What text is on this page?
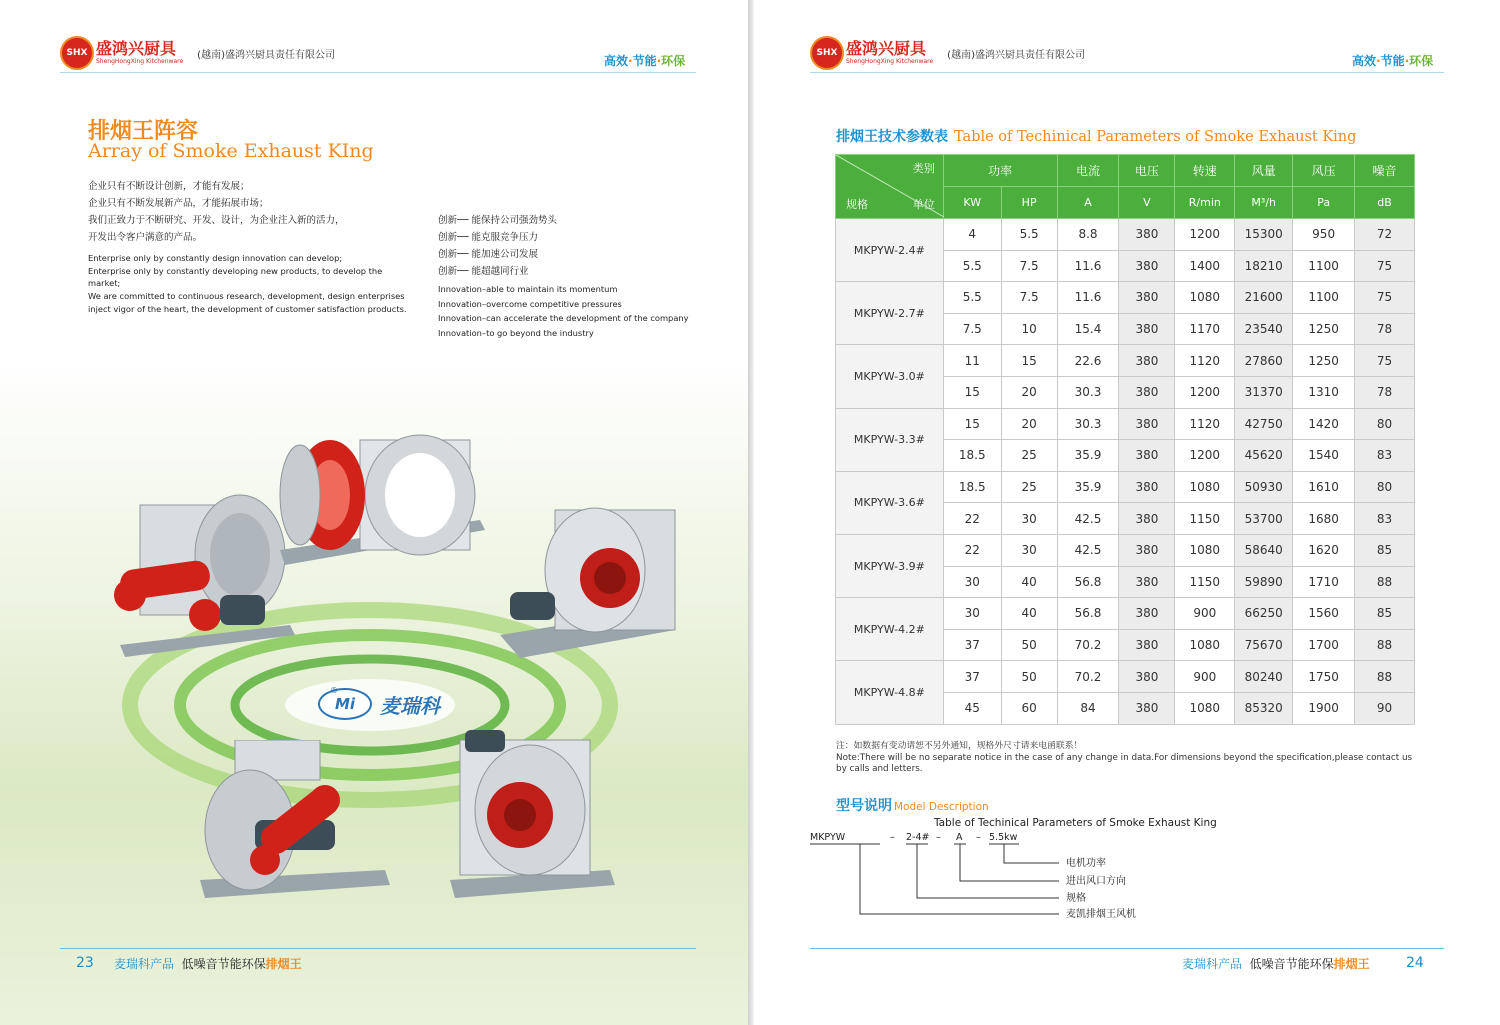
SHX 盛鸿兴厨具
ShengHongXing Kitchenware
(越南)盛鸿兴厨具责任有限公司	高效·节能·环保
排烟王阵容
Array of Smoke Exhaust KIng
企业只有不断设计创新，才能有发展；
企业只有不断发展新产品，才能拓展市场；
我们正致力于不断研究、开发、设计，为企业注入新的活力，
开发出令客户满意的产品。
Enterprise only by constantly design innovation can develop;
Enterprise only by constantly developing new products, to develop the market;
We are committed to continuous research, development, design enterprises inject vigor of the heart, the development of customer satisfaction products.
创新── 能保持公司强劲势头
创新── 能克服竞争压力
创新── 能加速公司发展
创新── 能超越同行业
Innovation–able to maintain its momentum
Innovation–overcome competitive pressures
Innovation–can accelerate the development of the company
Innovation–to go beyond the industry
Mi
®
麦瑞科
23 麦瑞科产品 低噪音节能环保排烟王
SHX 盛鸿兴厨具
ShengHongXing Kitchenware
(越南)盛鸿兴厨具责任有限公司	高效·节能·环保
排烟王技术参数表 Table of Techinical Parameters of Smoke Exhaust King
类别
规格 单位	功率		电流	电压	转速	风量	风压	噪音
	KW	HP	A	V	R/min	M³/h	Pa	dB
MKPYW-2.4#	4	5.5	8.8	380	1200	15300	950	72
	5.5	7.5	11.6	380	1400	18210	1100	75
MKPYW-2.7#	5.5	7.5	11.6	380	1080	21600	1100	75
	7.5	10	15.4	380	1170	23540	1250	78
MKPYW-3.0#	11	15	22.6	380	1120	27860	1250	75
	15	20	30.3	380	1200	31370	1310	78
MKPYW-3.3#	15	20	30.3	380	1120	42750	1420	80
	18.5	25	35.9	380	1200	45620	1540	83
MKPYW-3.6#	18.5	25	35.9	380	1080	50930	1610	80
	22	30	42.5	380	1150	53700	1680	83
MKPYW-3.9#	22	30	42.5	380	1080	58640	1620	85
	30	40	56.8	380	1150	59890	1710	88
MKPYW-4.2#	30	40	56.8	380	900	66250	1560	85
	37	50	70.2	380	1080	75670	1700	88
MKPYW-4.8#	37	50	70.2	380	900	80240	1750	88
	45	60	84	380	1080	85320	1900	90
注：如数据有变动请恕不另外通知，规格外尺寸请来电函联系！
Note:There will be no separate notice in the case of any change in data.For dimensions beyond the specification,please contact us by calls and letters.
型号说明 Model Description
Table of Techinical Parameters of Smoke Exhaust King
MKPYW	– 2-4# – A – 5.5kw
电机功率
进出风口方向
规格
麦凯排烟王风机
麦瑞科产品 低噪音节能环保排烟王	24
